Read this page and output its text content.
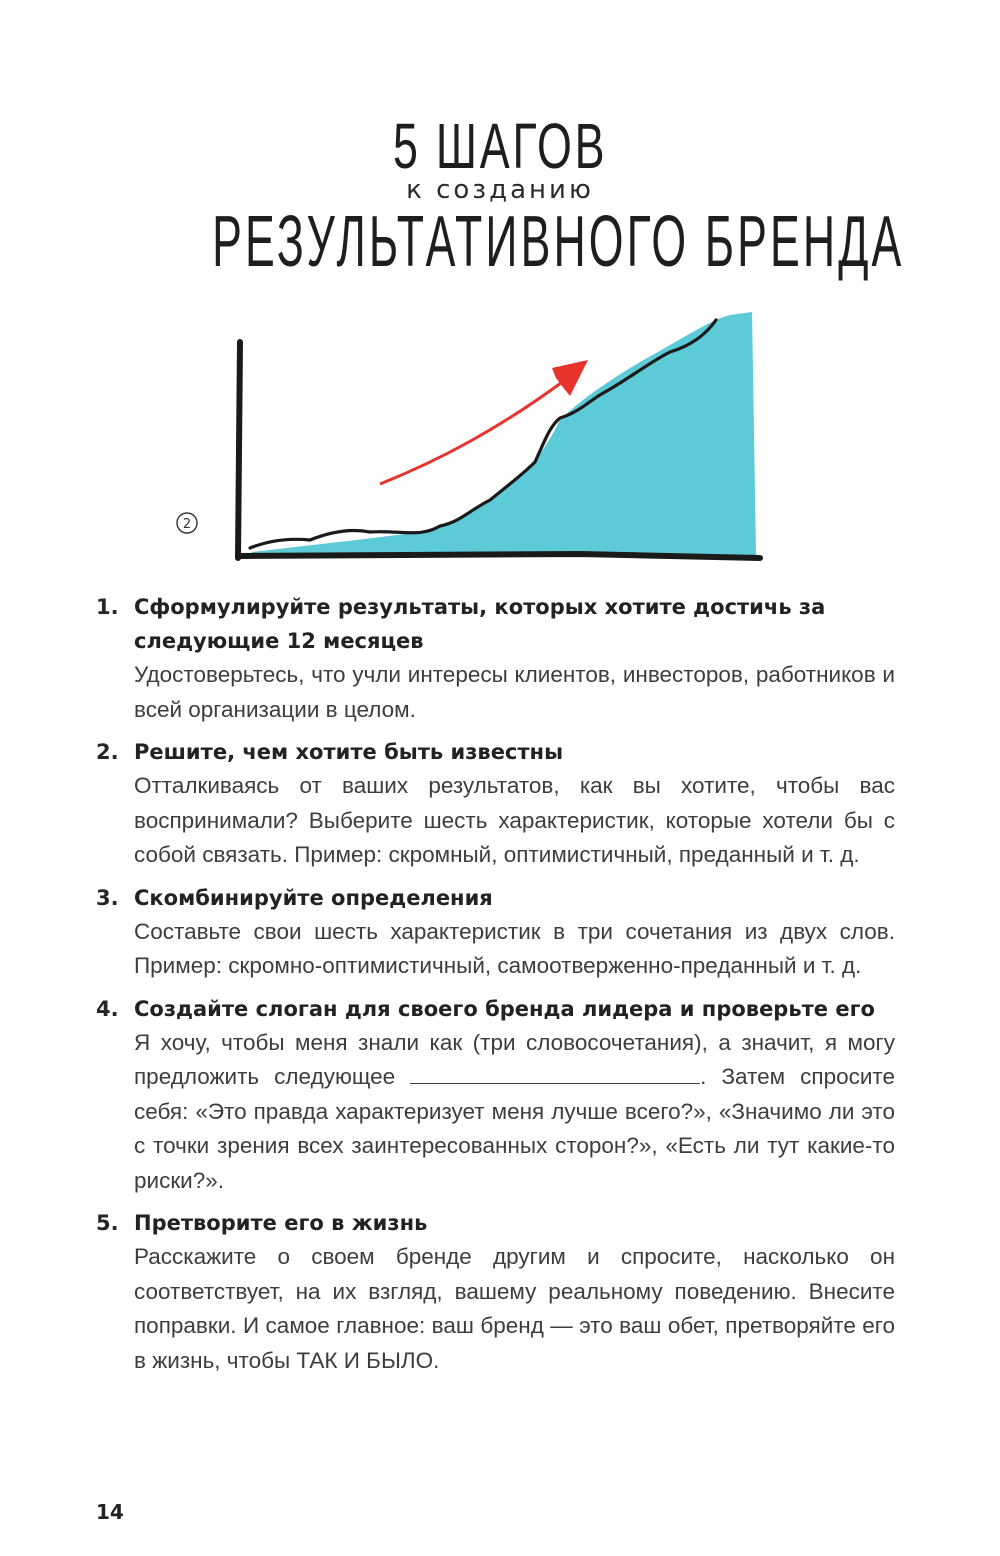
5 ШАГОВ
к созданию
РЕЗУЛЬТАТИВНОГО БРЕНДА
2
1. Сформулируйте результаты, которых хотите достичь за следующие 12 месяцев
Удостоверьтесь, что учли интересы клиентов, инвесторов, работников и всей организации в целом.
2. Решите, чем хотите быть известны
Отталкиваясь от ваших результатов, как вы хотите, чтобы вас воспринимали? Выберите шесть характеристик, которые хотели бы с собой связать. Пример: скромный, оптимистичный, преданный и т. д.
3. Скомбинируйте определения
Составьте свои шесть характеристик в три сочетания из двух слов. Пример: скромно-оптимистичный, самоотверженно-преданный и т. д.
4. Создайте слоган для своего бренда лидера и проверьте его
Я хочу, чтобы меня знали как (три словосочетания), а значит, я могу предложить следующее	. Затем спросите себя: «Это правда характеризует меня лучше всего?», «Значимо ли это с точки зрения всех заинтересованных сторон?», «Есть ли тут какие-то риски?».
5. Претворите его в жизнь
Расскажите о своем бренде другим и спросите, насколько он соответствует, на их взгляд, вашему реальному поведению. Внесите поправки. И самое главное: ваш бренд — это ваш обет, претворяйте его в жизнь, чтобы ТАК И БЫЛО.
14
